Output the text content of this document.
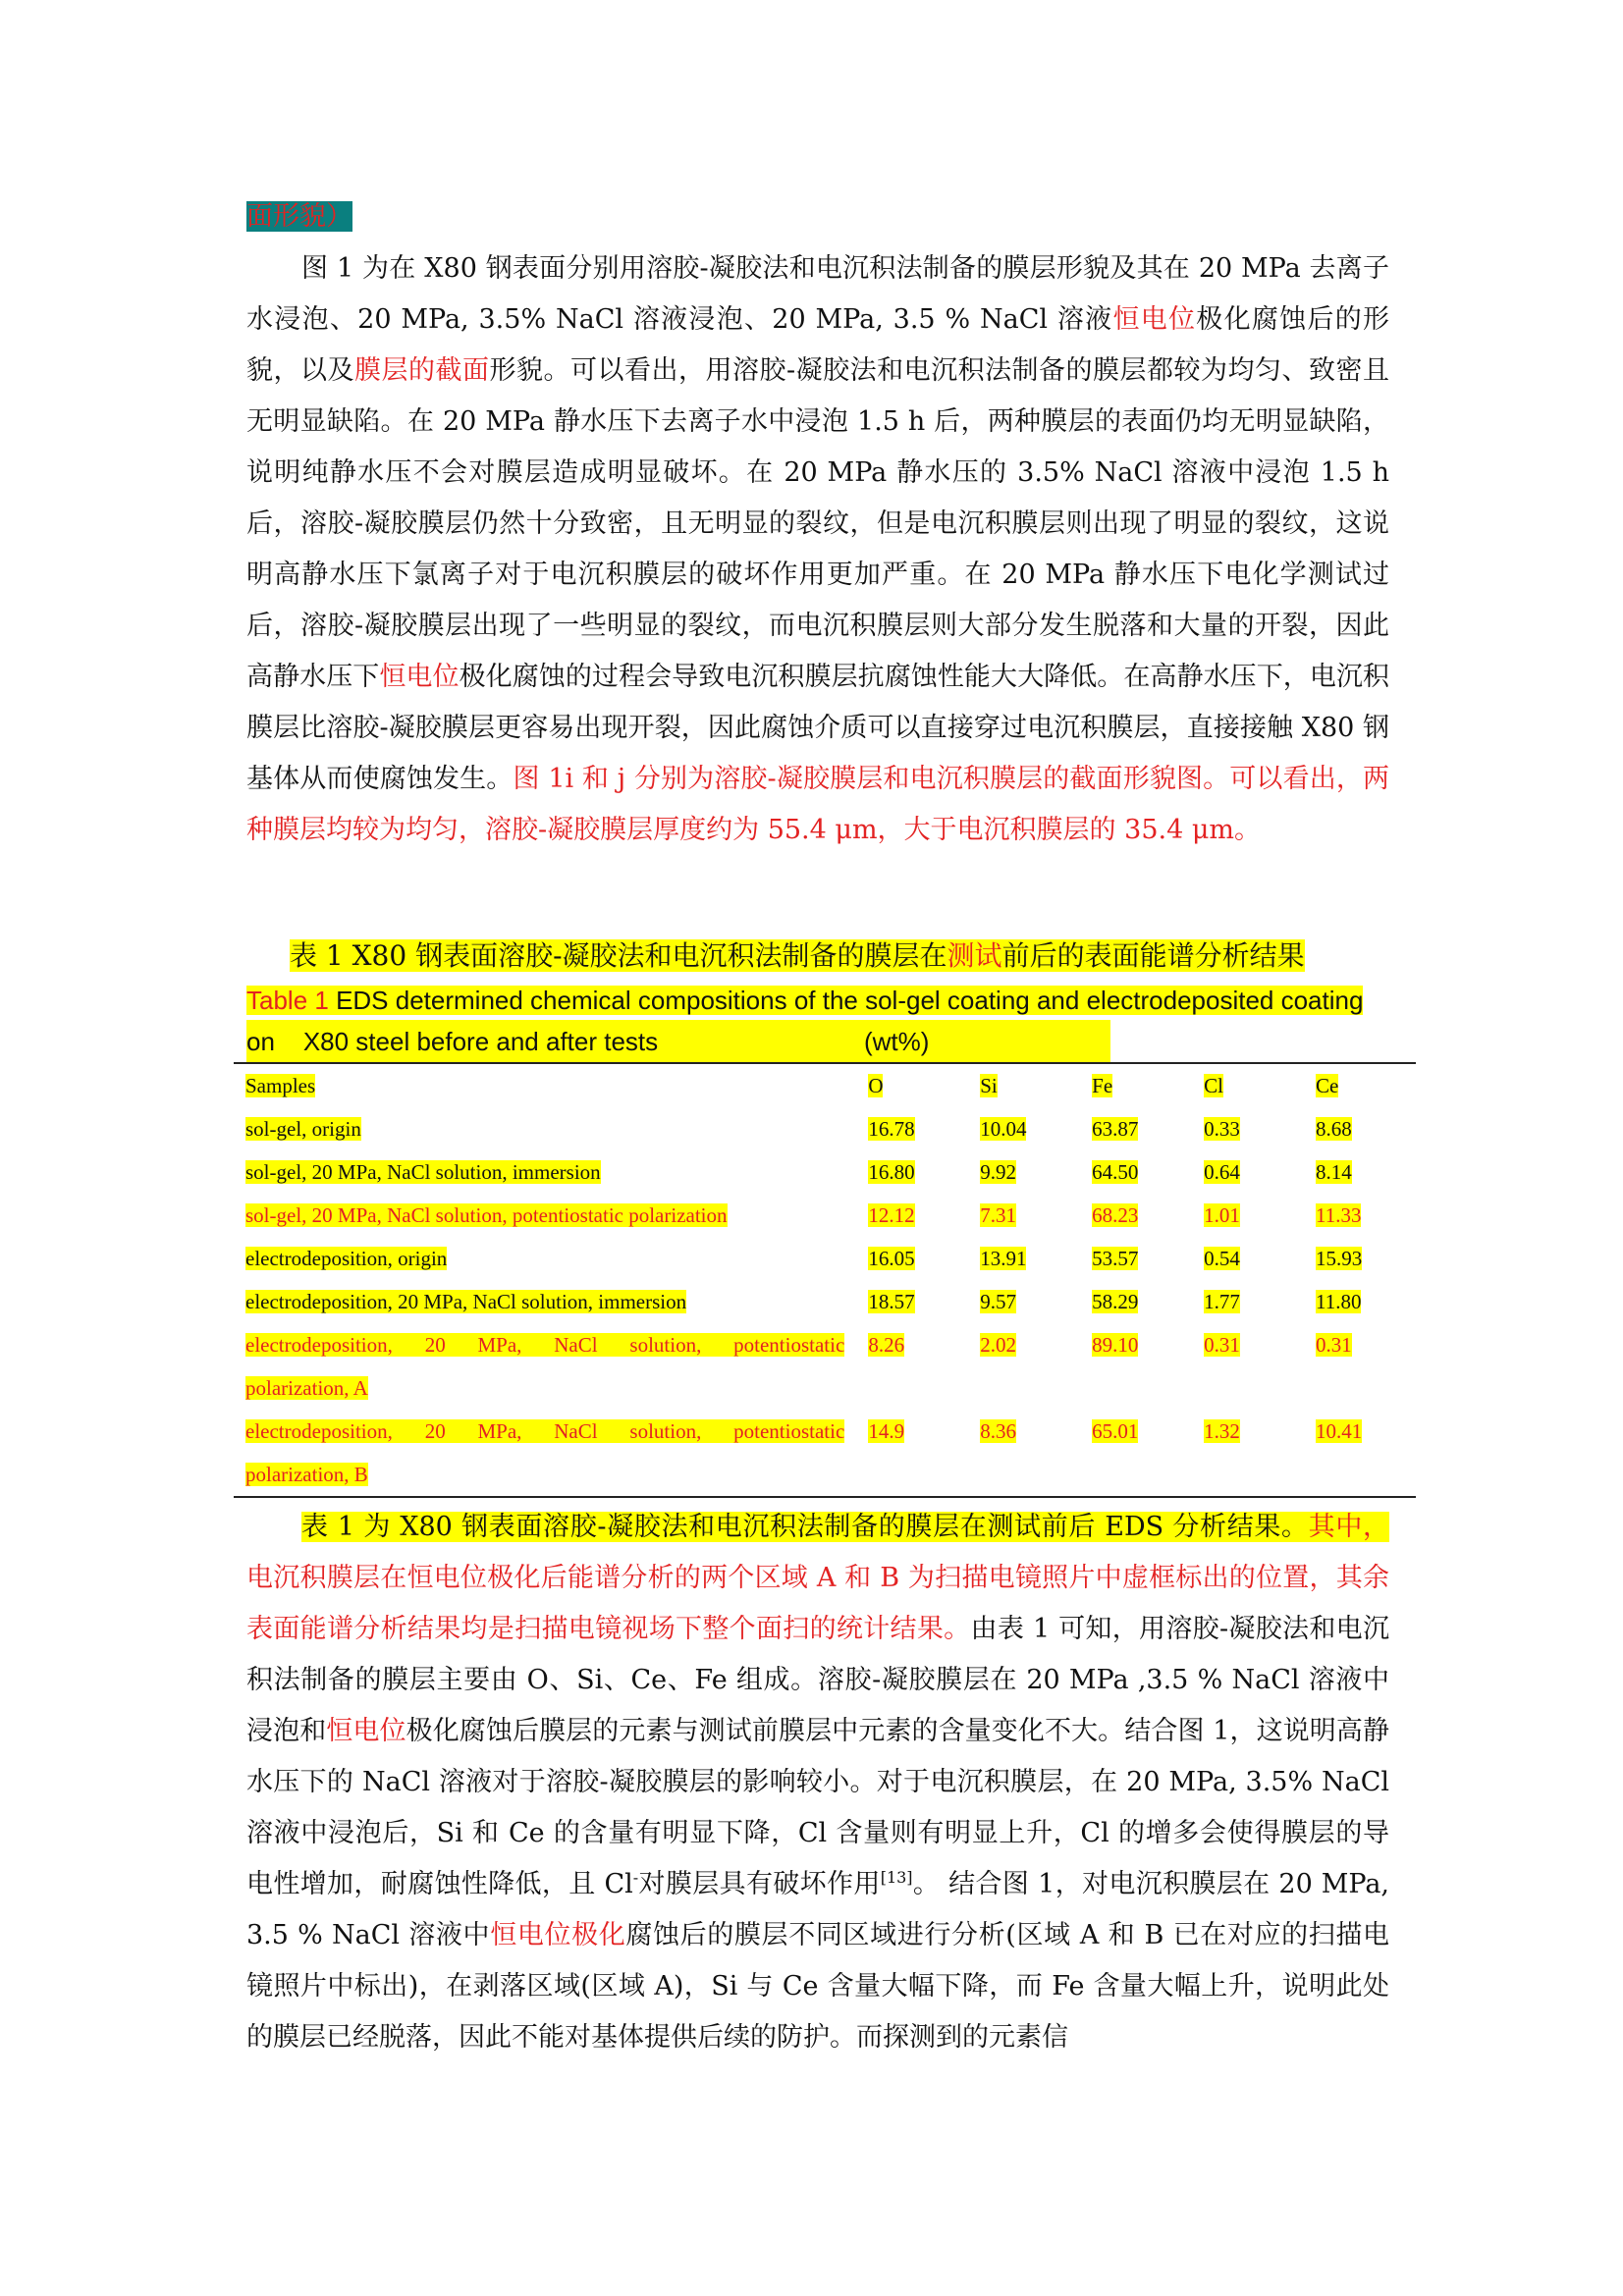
面形貌）
图 1 为在 X80 钢表面分别用溶胶-凝胶法和电沉积法制备的膜层形貌及其在 20 MPa 去离子水浸泡、20 MPa, 3.5% NaCl 溶液浸泡、20 MPa, 3.5 % NaCl 溶液恒电位极化腐蚀后的形貌，以及膜层的截面形貌。可以看出，用溶胶-凝胶法和电沉积法制备的膜层都较为均匀、致密且无明显缺陷。在 20 MPa 静水压下去离子水中浸泡 1.5 h 后，两种膜层的表面仍均无明显缺陷，说明纯静水压不会对膜层造成明显破坏。在 20 MPa 静水压的 3.5% NaCl 溶液中浸泡 1.5 h 后，溶胶-凝胶膜层仍然十分致密，且无明显的裂纹，但是电沉积膜层则出现了明显的裂纹，这说明高静水压下氯离子对于电沉积膜层的破坏作用更加严重。在 20 MPa 静水压下电化学测试过后，溶胶-凝胶膜层出现了一些明显的裂纹，而电沉积膜层则大部分发生脱落和大量的开裂，因此高静水压下恒电位极化腐蚀的过程会导致电沉积膜层抗腐蚀性能大大降低。在高静水压下，电沉积膜层比溶胶-凝胶膜层更容易出现开裂，因此腐蚀介质可以直接穿过电沉积膜层，直接接触 X80 钢基体从而使腐蚀发生。图 1i 和 j 分别为溶胶-凝胶膜层和电沉积膜层的截面形貌图。可以看出，两种膜层均较为均匀，溶胶-凝胶膜层厚度约为 55.4 μm，大于电沉积膜层的 35.4 μm。
表 1 X80 钢表面溶胶-凝胶法和电沉积法制备的膜层在测试前后的表面能谱分析结果
Table 1 EDS determined chemical compositions of the sol-gel coating and electrodeposited coating
on    X80 steel before and after tests	(wt%)
Samples	O	Si	Fe	Cl	Ce
sol-gel, origin	16.78	10.04	63.87	0.33	8.68
sol-gel, 20 MPa, NaCl solution, immersion	16.80	9.92	64.50	0.64	8.14
sol-gel, 20 MPa, NaCl solution, potentiostatic polarization	12.12	7.31	68.23	1.01	11.33
electrodeposition, origin	16.05	13.91	53.57	0.54	15.93
electrodeposition, 20 MPa, NaCl solution, immersion	18.57	9.57	58.29	1.77	11.80
electrodeposition, 20 MPa, NaCl solution, potentiostatic	8.26	2.02	89.10	0.31	0.31
polarization, A					
electrodeposition, 20 MPa, NaCl solution, potentiostatic	14.9	8.36	65.01	1.32	10.41
polarization, B					
表 1 为 X80 钢表面溶胶-凝胶法和电沉积法制备的膜层在测试前后 EDS 分析结果。其中，电沉积膜层在恒电位极化后能谱分析的两个区域 A 和 B 为扫描电镜照片中虚框标出的位置，其余表面能谱分析结果均是扫描电镜视场下整个面扫的统计结果。由表 1 可知，用溶胶-凝胶法和电沉积法制备的膜层主要由 O、Si、Ce、Fe 组成。溶胶-凝胶膜层在 20 MPa ,3.5 % NaCl 溶液中浸泡和恒电位极化腐蚀后膜层的元素与测试前膜层中元素的含量变化不大。结合图 1，这说明高静水压下的 NaCl 溶液对于溶胶-凝胶膜层的影响较小。对于电沉积膜层，在 20 MPa, 3.5% NaCl 溶液中浸泡后，Si 和 Ce 的含量有明显下降，Cl 含量则有明显上升，Cl 的增多会使得膜层的导电性增加，耐腐蚀性降低，且 Cl-对膜层具有破坏作用[13]。 结合图 1，对电沉积膜层在 20 MPa, 3.5 % NaCl 溶液中恒电位极化腐蚀后的膜层不同区域进行分析(区域 A 和 B 已在对应的扫描电镜照片中标出)，在剥落区域(区域 A)，Si 与 Ce 含量大幅下降，而 Fe 含量大幅上升，说明此处的膜层已经脱落，因此不能对基体提供后续的防护。而探测到的元素信
